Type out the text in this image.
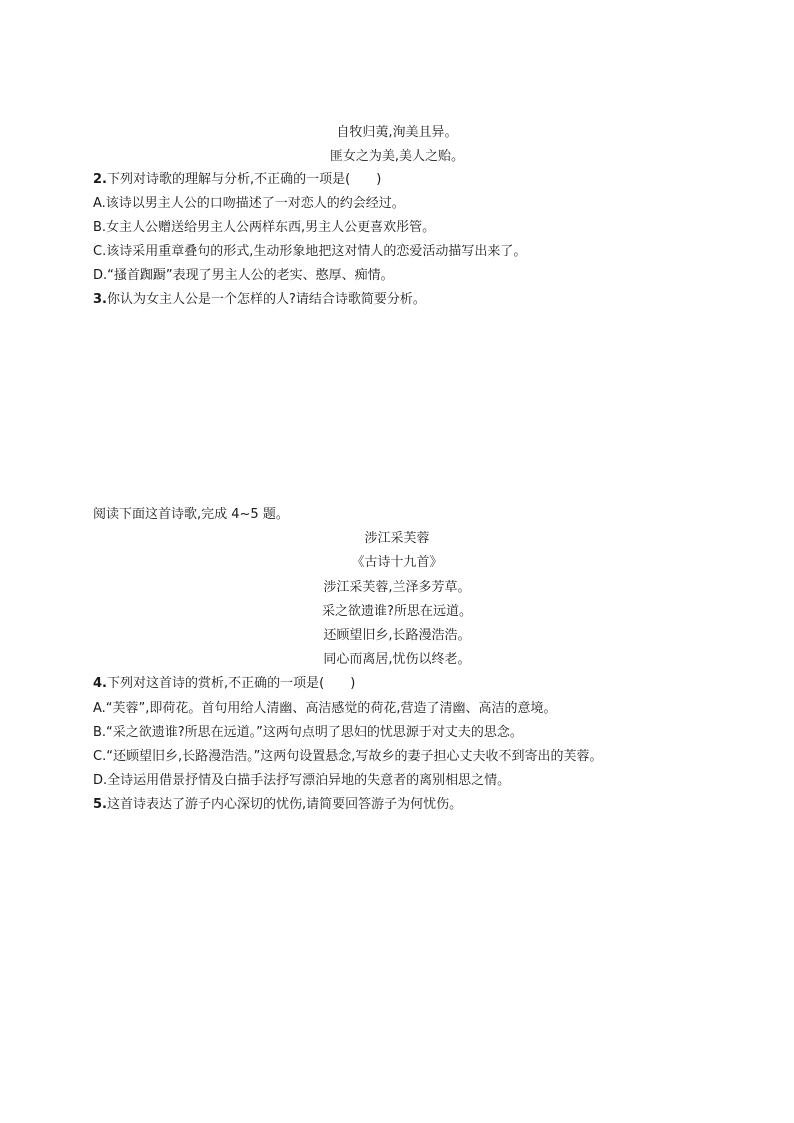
自牧归荑,洵美且异。
匪女之为美,美人之贻。
2.下列对诗歌的理解与分析,不正确的一项是(　　)
A.该诗以男主人公的口吻描述了一对恋人的约会经过。
B.女主人公赠送给男主人公两样东西,男主人公更喜欢彤管。
C.该诗采用重章叠句的形式,生动形象地把这对情人的恋爱活动描写出来了。
D.“搔首踟蹰”表现了男主人公的老实、憨厚、痴情。
3.你认为女主人公是一个怎样的人?请结合诗歌简要分析。
阅读下面这首诗歌,完成 4~5 题。
涉江采芙蓉
《古诗十九首》
涉江采芙蓉,兰泽多芳草。
采之欲遗谁?所思在远道。
还顾望旧乡,长路漫浩浩。
同心而离居,忧伤以终老。
4.下列对这首诗的赏析,不正确的一项是(　　)
A.“芙蓉”,即荷花。首句用给人清幽、高洁感觉的荷花,营造了清幽、高洁的意境。
B.“采之欲遗谁?所思在远道。”这两句点明了思妇的忧思源于对丈夫的思念。
C.“还顾望旧乡,长路漫浩浩。”这两句设置悬念,写故乡的妻子担心丈夫收不到寄出的芙蓉。
D.全诗运用借景抒情及白描手法抒写漂泊异地的失意者的离别相思之情。
5.这首诗表达了游子内心深切的忧伤,请简要回答游子为何忧伤。
